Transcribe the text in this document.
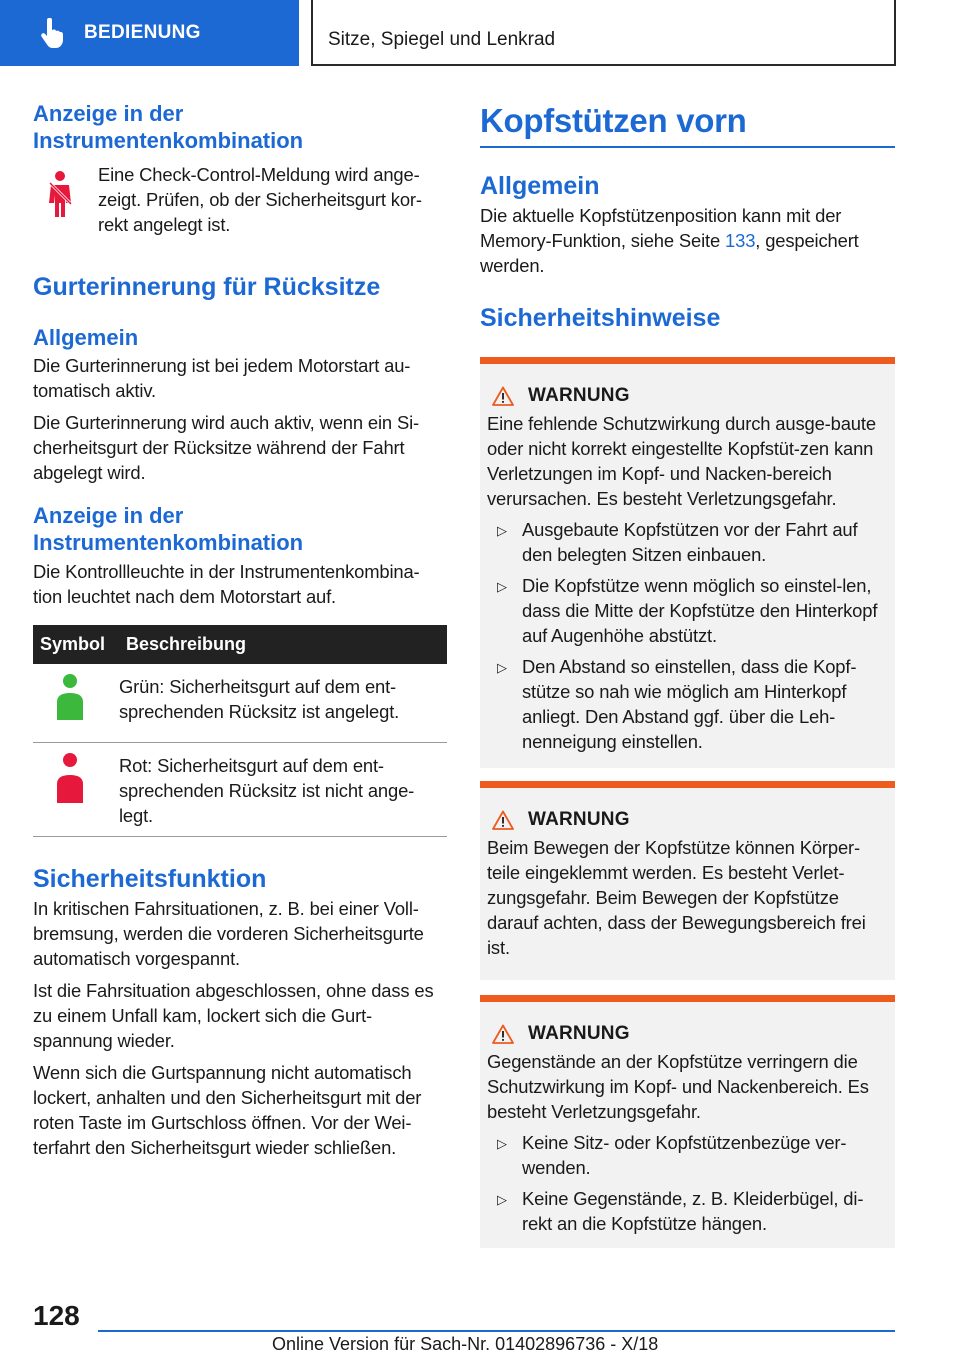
BEDIENUNG	Sitze, Spiegel und Lenkrad
Anzeige in der Instrumentenkombination

Eine Check-Control-Meldung wird ange-zeigt. Prüfen, ob der Sicherheitsgurt kor-rekt angelegt ist.

Gurterinnerung für Rücksitze
Allgemein

Die Gurterinnerung ist bei jedem Motorstart au-tomatisch aktiv.

Die Gurterinnerung wird auch aktiv, wenn ein Si-cherheitsgurt der Rücksitze während der Fahrt abgelegt wird.

Anzeige in der Instrumentenkombination

Die Kontrollleuchte in der Instrumentenkombina-tion leuchtet nach dem Motorstart auf.

Symbol	Beschreibung
	Grün: Sicherheitsgurt auf dem ent-sprechenden Rücksitz ist angelegt.
	Rot: Sicherheitsgurt auf dem ent-sprechenden Rücksitz ist nicht ange-legt.
Sicherheitsfunktion

In kritischen Fahrsituationen, z. B. bei einer Voll-bremsung, werden die vorderen Sicherheitsgurte automatisch vorgespannt.

Ist die Fahrsituation abgeschlossen, ohne dass es zu einem Unfall kam, lockert sich die Gurt-spannung wieder.

Wenn sich die Gurtspannung nicht automatisch lockert, anhalten und den Sicherheitsgurt mit der roten Taste im Gurtschloss öffnen. Vor der Wei-terfahrt den Sicherheitsgurt wieder schließen.

Kopfstützen vorn
Allgemein

Die aktuelle Kopfstützenposition kann mit der Memory-Funktion, siehe Seite 133, gespeichert werden.

Sicherheitshinweise
WARNUNG

Eine fehlende Schutzwirkung durch ausge-baute oder nicht korrekt eingestellte Kopfstüt-zen kann Verletzungen im Kopf- und Nacken-bereich verursachen. Es besteht Verletzungsgefahr.

▷ Ausgebaute Kopfstützen vor der Fahrt auf den belegten Sitzen einbauen.
▷ Die Kopfstütze wenn möglich so einstel-len, dass die Mitte der Kopfstütze den Hinterkopf auf Augenhöhe abstützt.
▷ Den Abstand so einstellen, dass die Kopf-stütze so nah wie möglich am Hinterkopf anliegt. Den Abstand ggf. über die Leh-nenneigung einstellen.
WARNUNG

Beim Bewegen der Kopfstütze können Körper-teile eingeklemmt werden. Es besteht Verlet-zungsgefahr. Beim Bewegen der Kopfstütze darauf achten, dass der Bewegungsbereich frei ist.

WARNUNG

Gegenstände an der Kopfstütze verringern die Schutzwirkung im Kopf- und Nackenbereich. Es besteht Verletzungsgefahr.

▷ Keine Sitz- oder Kopfstützenbezüge ver-wenden.
▷ Keine Gegenstände, z. B. Kleiderbügel, di-rekt an die Kopfstütze hängen.
128
Online Version für Sach-Nr. 01402896736 - X/18
